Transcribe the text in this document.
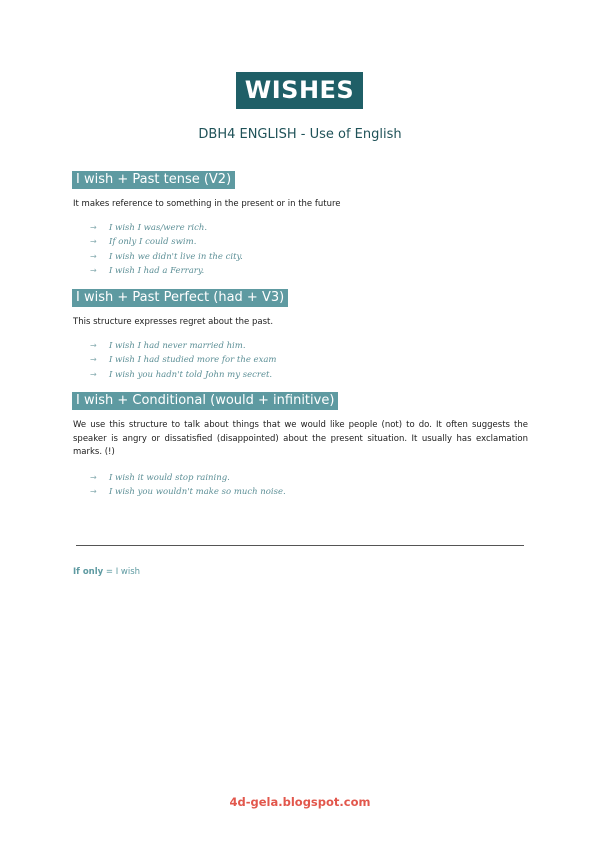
WISHES
DBH4 ENGLISH - Use of English
I wish + Past tense (V2)
It makes reference to something in the present or in the future
→ I wish I was/were rich.
→ If only I could swim.
→ I wish we didn't live in the city.
→ I wish I had a Ferrary.
I wish + Past Perfect (had + V3)
This structure expresses regret about the past.
→ I wish I had never married him.
→ I wish I had studied more for the exam
→ I wish you hadn't told John my secret.
I wish + Conditional (would + infinitive)
We use this structure to talk about things that we would like people (not) to do. It often suggests the speaker is angry or dissatisfied (disappointed) about the present situation. It usually has exclamation marks. (!)
→ I wish it would stop raining.
→ I wish you wouldn't make so much noise.
If only = I wish
4d-gela.blogspot.com
